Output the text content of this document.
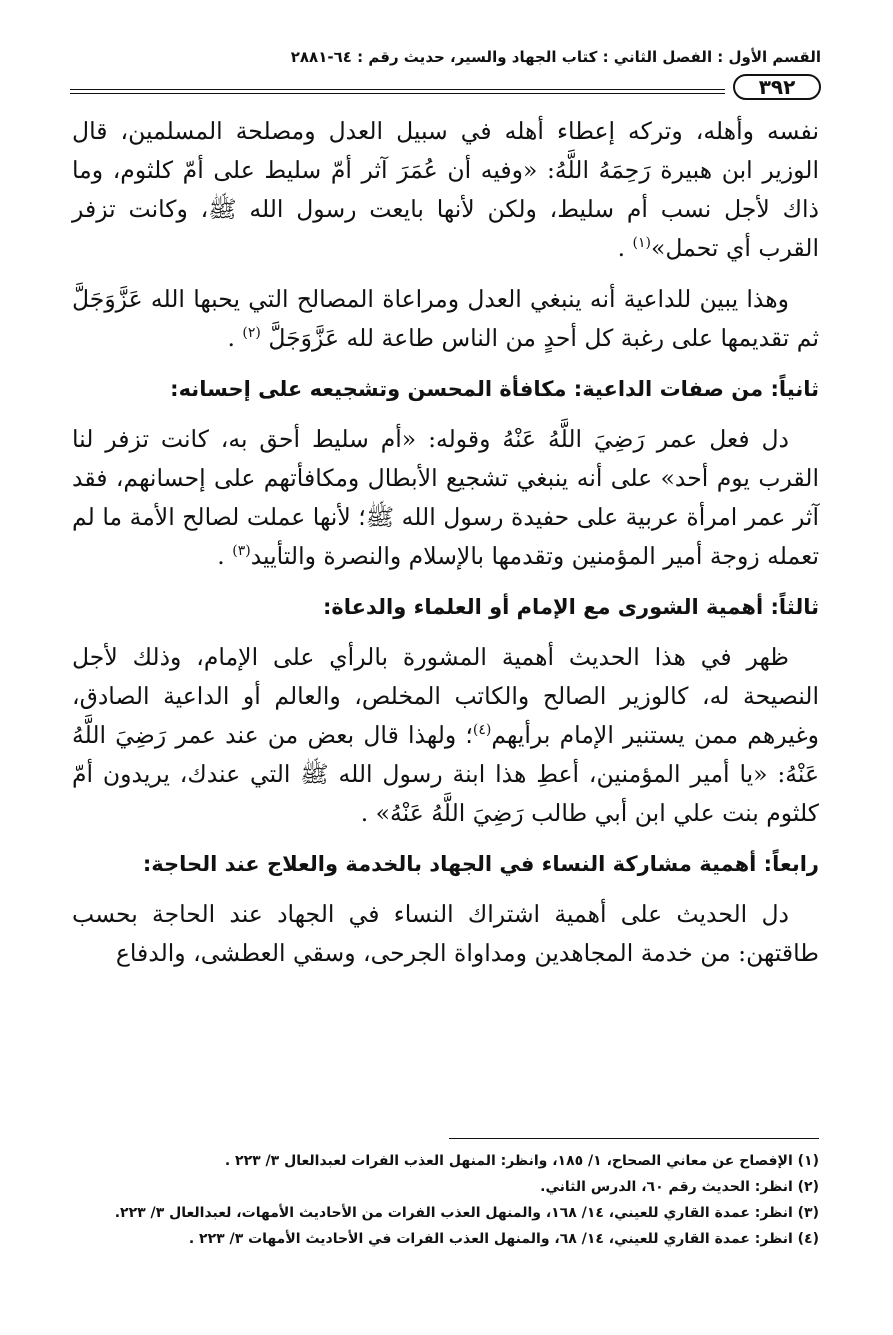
القسم الأول : الفصل الثاني : كتاب الجهاد والسير، حديث رقم : ٦٤-٢٨٨١
٣٩٢

نفسه وأهله، وتركه إعطاء أهله في سبيل العدل ومصلحة المسلمين، قال الوزير ابن هبيرة رَحِمَهُ اللَّهُ: «وفيه أن عُمَرَ آثر أمّ سليط على أمّ كلثوم، وما ذاك لأجل نسب أم سليط، ولكن لأنها بايعت رسول الله ﷺ، وكانت تزفر القرب أي تحمل»$^{(١)}$ .

وهذا يبين للداعية أنه ينبغي العدل ومراعاة المصالح التي يحبها الله عَزَّوَجَلَّ ثم تقديمها على رغبة كل أحدٍ من الناس طاعة لله عَزَّوَجَلَّ $^{(٢)}$ .

ثانياً: من صفات الداعية: مكافأة المحسن وتشجيعه على إحسانه:

دل فعل عمر رَضِيَ اللَّهُ عَنْهُ وقوله: «أم سليط أحق به، كانت تزفر لنا القرب يوم أحد» على أنه ينبغي تشجيع الأبطال ومكافأتهم على إحسانهم، فقد آثر عمر امرأة عربية على حفيدة رسول الله ﷺ؛ لأنها عملت لصالح الأمة ما لم تعمله زوجة أمير المؤمنين وتقدمها بالإسلام والنصرة والتأييد$^{(٣)}$ .

ثالثاً: أهمية الشورى مع الإمام أو العلماء والدعاة:

ظهر في هذا الحديث أهمية المشورة بالرأي على الإمام، وذلك لأجل النصيحة له، كالوزير الصالح والكاتب المخلص، والعالم أو الداعية الصادق، وغيرهم ممن يستنير الإمام برأيهم$^{(٤)}$؛ ولهذا قال بعض من عند عمر رَضِيَ اللَّهُ عَنْهُ: «يا أمير المؤمنين، أعطِ هذا ابنة رسول الله ﷺ التي عندك، يريدون أمّ كلثوم بنت علي ابن أبي طالب رَضِيَ اللَّهُ عَنْهُ» .

رابعاً: أهمية مشاركة النساء في الجهاد بالخدمة والعلاج عند الحاجة:

دل الحديث على أهمية اشتراك النساء في الجهاد عند الحاجة بحسب طاقتهن: من خدمة المجاهدين ومداواة الجرحى، وسقي العطشى، والدفاع

(١) الإفصاح عن معاني الصحاح، ١/ ١٨٥، وانظر: المنهل العذب الفرات لعبدالعال ٣/ ٢٢٣ .

(٢) انظر: الحديث رقم ٦٠، الدرس الثاني.

(٣) انظر: عمدة القاري للعيني، ١٤/ ١٦٨، والمنهل العذب الفرات من الأحاديث الأمهات، لعبدالعال ٣/ ٢٢٣.

(٤) انظر: عمدة القاري للعيني، ١٤/ ٦٨، والمنهل العذب الفرات في الأحاديث الأمهات ٣/ ٢٢٣ .
